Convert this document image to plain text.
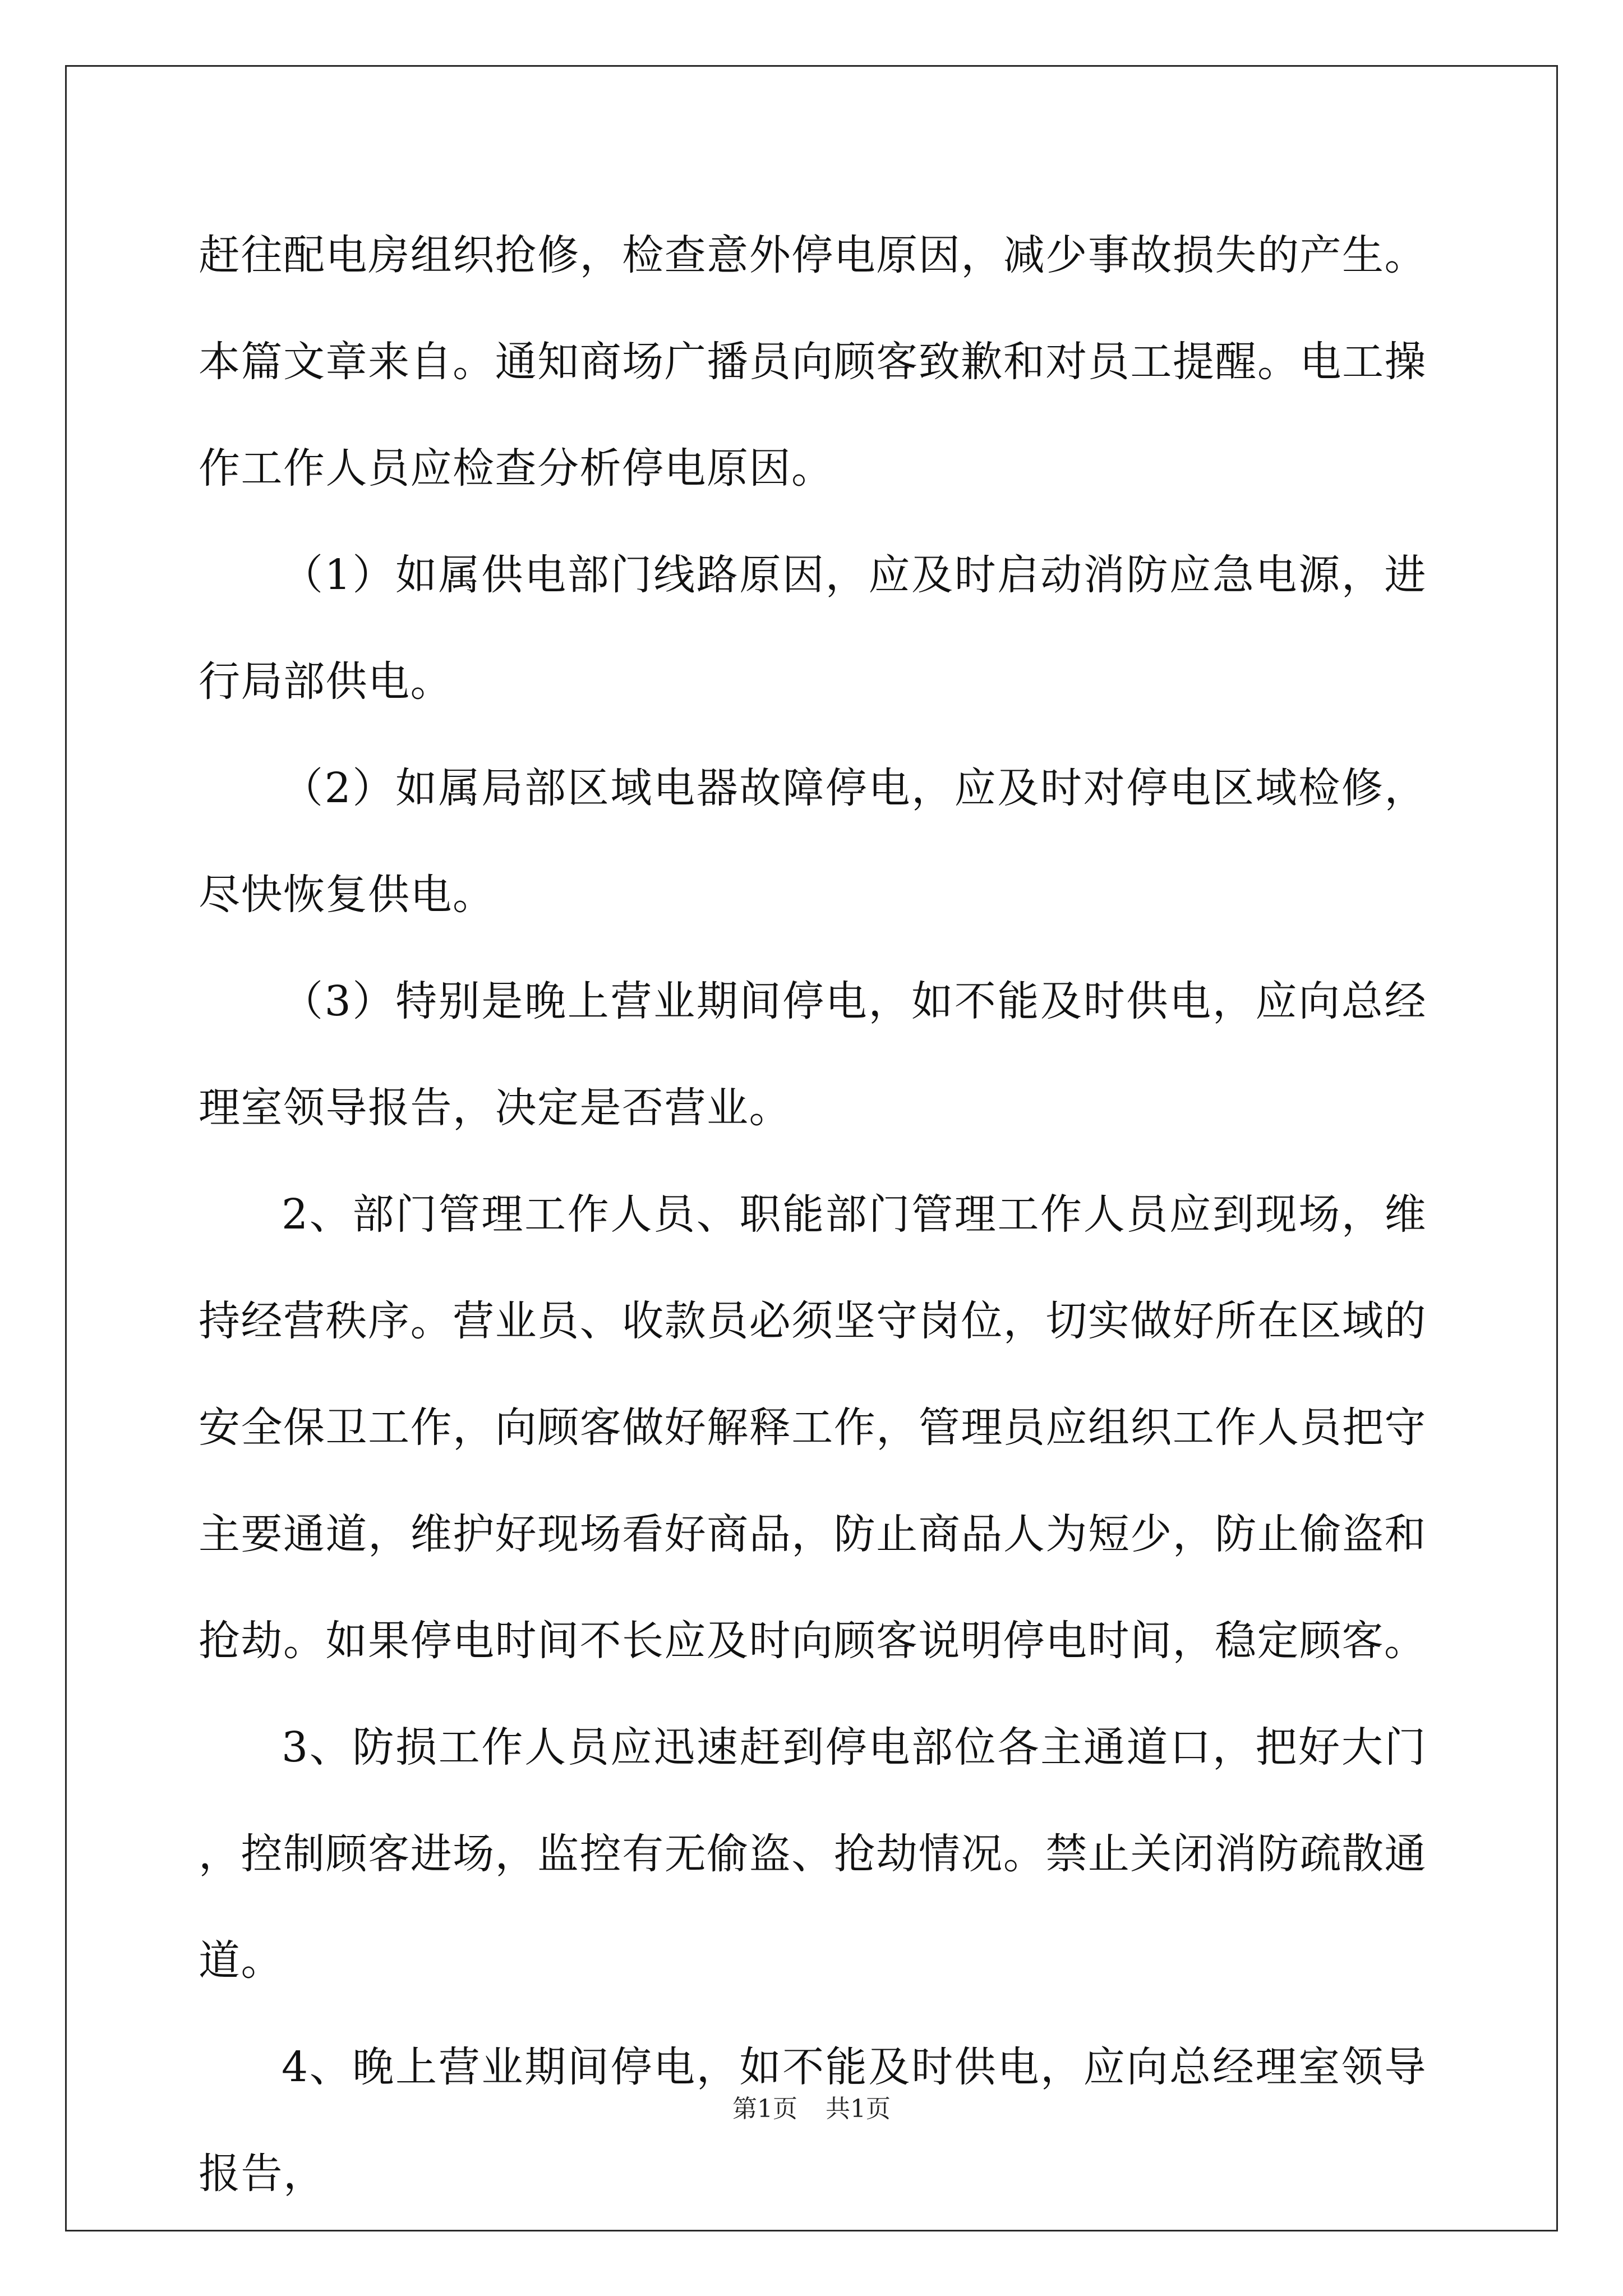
赶往配电房组织抢修，检查意外停电原因，减少事故损失的产生。本篇文章来自。通知商场广播员向顾客致歉和对员工提醒。电工操作工作人员应检查分析停电原因。

（1）如属供电部门线路原因，应及时启动消防应急电源，进行局部供电。

（2）如属局部区域电器故障停电，应及时对停电区域检修，尽快恢复供电。

（3）特别是晚上营业期间停电，如不能及时供电，应向总经理室领导报告，决定是否营业。

2、部门管理工作人员、职能部门管理工作人员应到现场，维持经营秩序。营业员、收款员必须坚守岗位，切实做好所在区域的安全保卫工作，向顾客做好解释工作，管理员应组织工作人员把守主要通道，维护好现场看好商品，防止商品人为短少，防止偷盗和抢劫。如果停电时间不长应及时向顾客说明停电时间，稳定顾客。

3、防损工作人员应迅速赶到停电部位各主通道口，把好大门，控制顾客进场，监控有无偷盗、抢劫情况。禁止关闭消防疏散通道。

4、晚上营业期间停电，如不能及时供电，应向总经理室领导报告，

第1页 共1页
